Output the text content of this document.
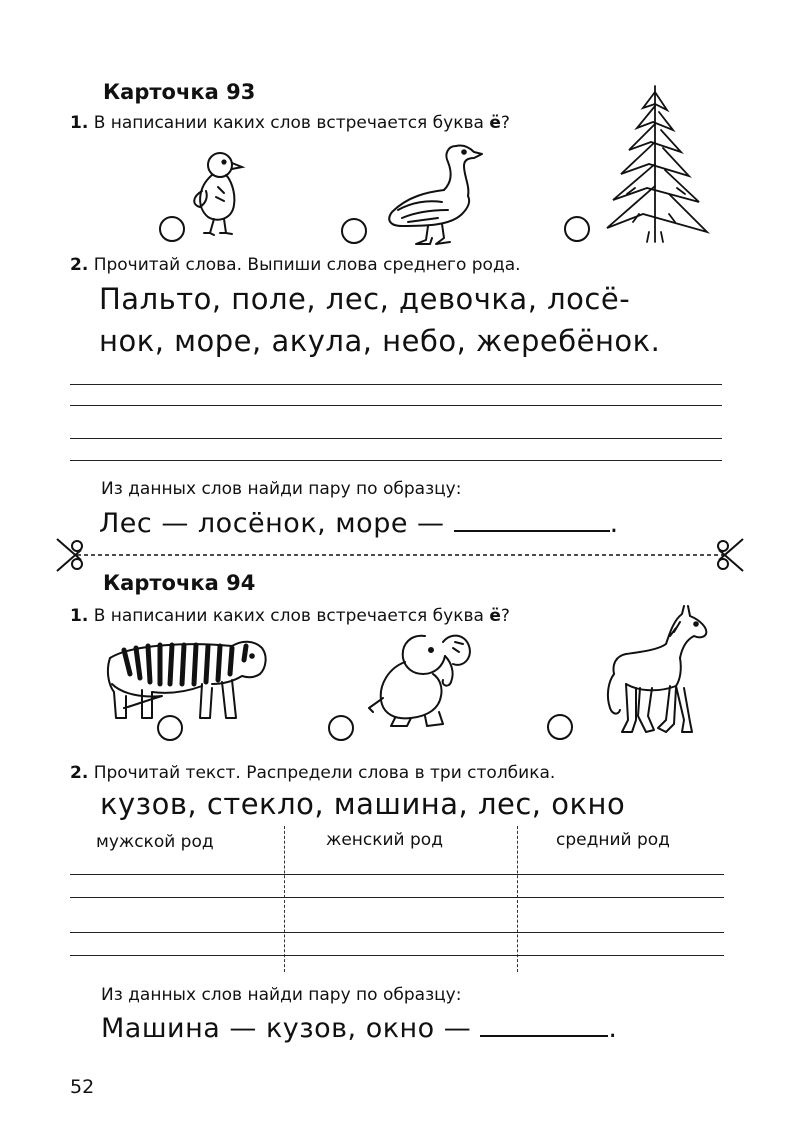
Карточка 93
1. В написании каких слов встречается буква ё?
2. Прочитай слова. Выпиши слова среднего рода.
Пальто, поле, лес, девочка, лосё-
нок, море, акула, небо, жеребёнок.
Из данных слов найди пару по образцу:
Лес — лосёнок, море —	.
Карточка 94
1. В написании каких слов встречается буква ё?
2. Прочитай текст. Распредели слова в три столбика.
кузов, стекло, машина, лес, окно
мужской род	женский род	средний род
Из данных слов найди пару по образцу:
Машина — кузов, окно —	.
52
